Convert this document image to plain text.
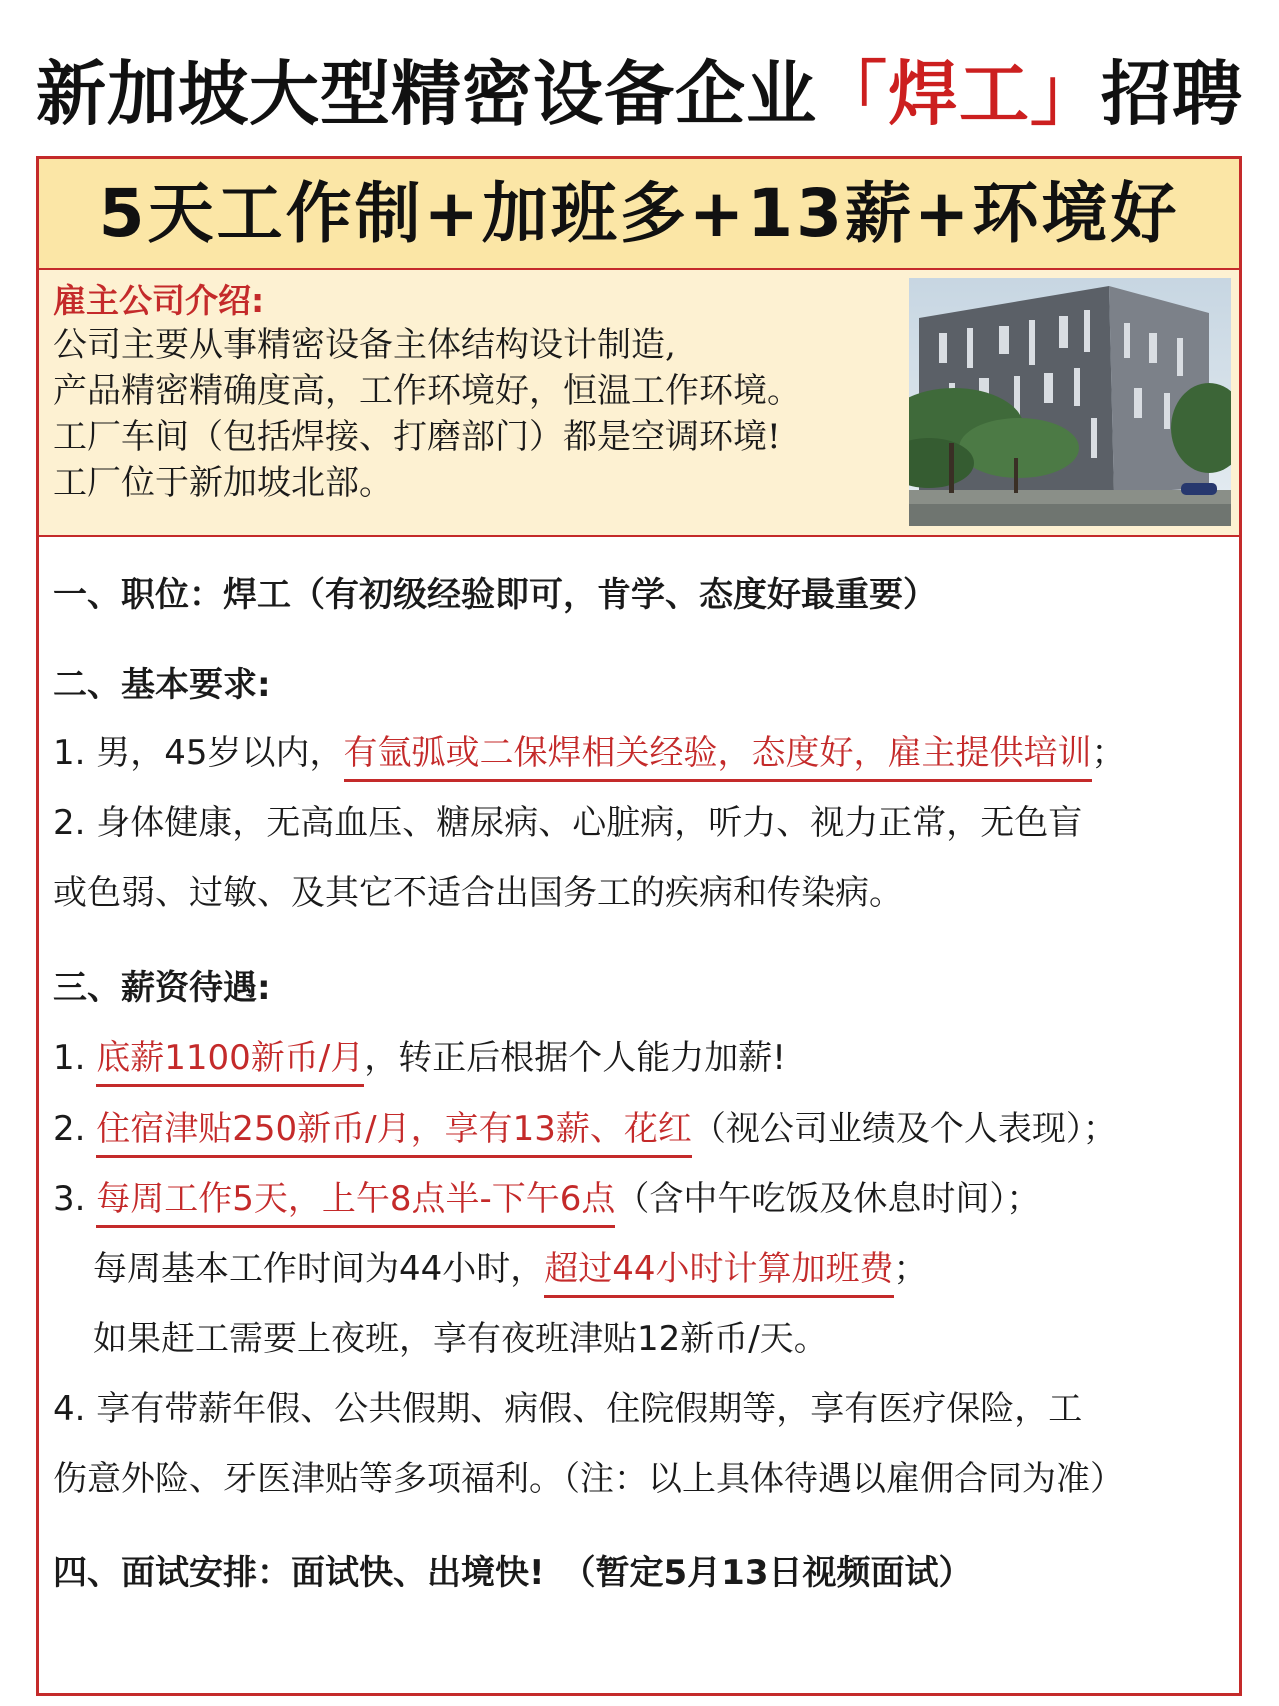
新加坡大型精密设备企业「焊工」招聘
5天工作制+加班多+13薪+环境好
雇主公司介绍:
公司主要从事精密设备主体结构设计制造,
产品精密精确度高，工作环境好，恒温工作环境。
工厂车间（包括焊接、打磨部门）都是空调环境!
工厂位于新加坡北部。
一、职位：焊工（有初级经验即可，肯学、态度好最重要）
二、基本要求:
1. 男，45岁以内，有氩弧或二保焊相关经验，态度好，雇主提供培训；
2. 身体健康，无高血压、糖尿病、心脏病，听力、视力正常，无色盲
或色弱、过敏、及其它不适合出国务工的疾病和传染病。
三、薪资待遇:
1. 底薪1100新币/月，转正后根据个人能力加薪!
2. 住宿津贴250新币/月，享有13薪、花红（视公司业绩及个人表现）；
3. 每周工作5天，上午8点半-下午6点（含中午吃饭及休息时间）；
每周基本工作时间为44小时，超过44小时计算加班费；
如果赶工需要上夜班，享有夜班津贴12新币/天。
4. 享有带薪年假、公共假期、病假、住院假期等，享有医疗保险，工
伤意外险、牙医津贴等多项福利。（注：以上具体待遇以雇佣合同为准）
四、面试安排：面试快、出境快!　（暂定5月13日视频面试）
